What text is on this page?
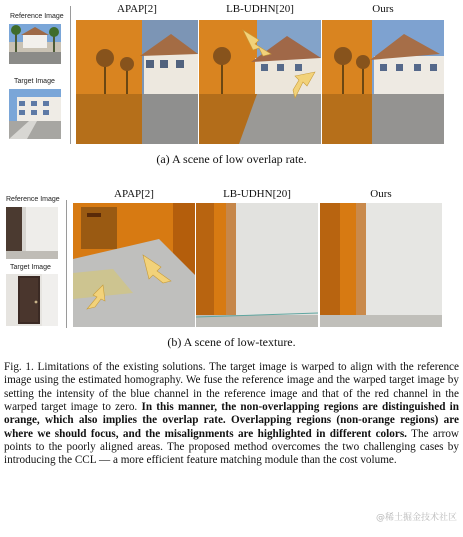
Reference Image
Target Image
APAP[2]	LB-UDHN[20]	Ours
(a) A scene of low overlap rate.
Reference Image
Target Image
APAP[2]	LB-UDHN[20]	Ours
(b) A scene of low-texture.
Fig. 1. Limitations of the existing solutions. The target image is warped to align with the reference image using the estimated homography. We fuse the reference image and the warped target image by setting the intensity of the blue channel in the reference image and that of the red channel in the warped target image to zero. In this manner, the non-overlapping regions are distinguished in orange, which also implies the overlap rate. Overlapping regions (non-orange regions) are where we should focus, and the misalignments are highlighted in different colors. The arrow points to the poorly aligned areas. The proposed method overcomes the two challenging cases by introducing the CCL — a more efficient feature matching module than the cost volume.
@稀土掘金技术社区
